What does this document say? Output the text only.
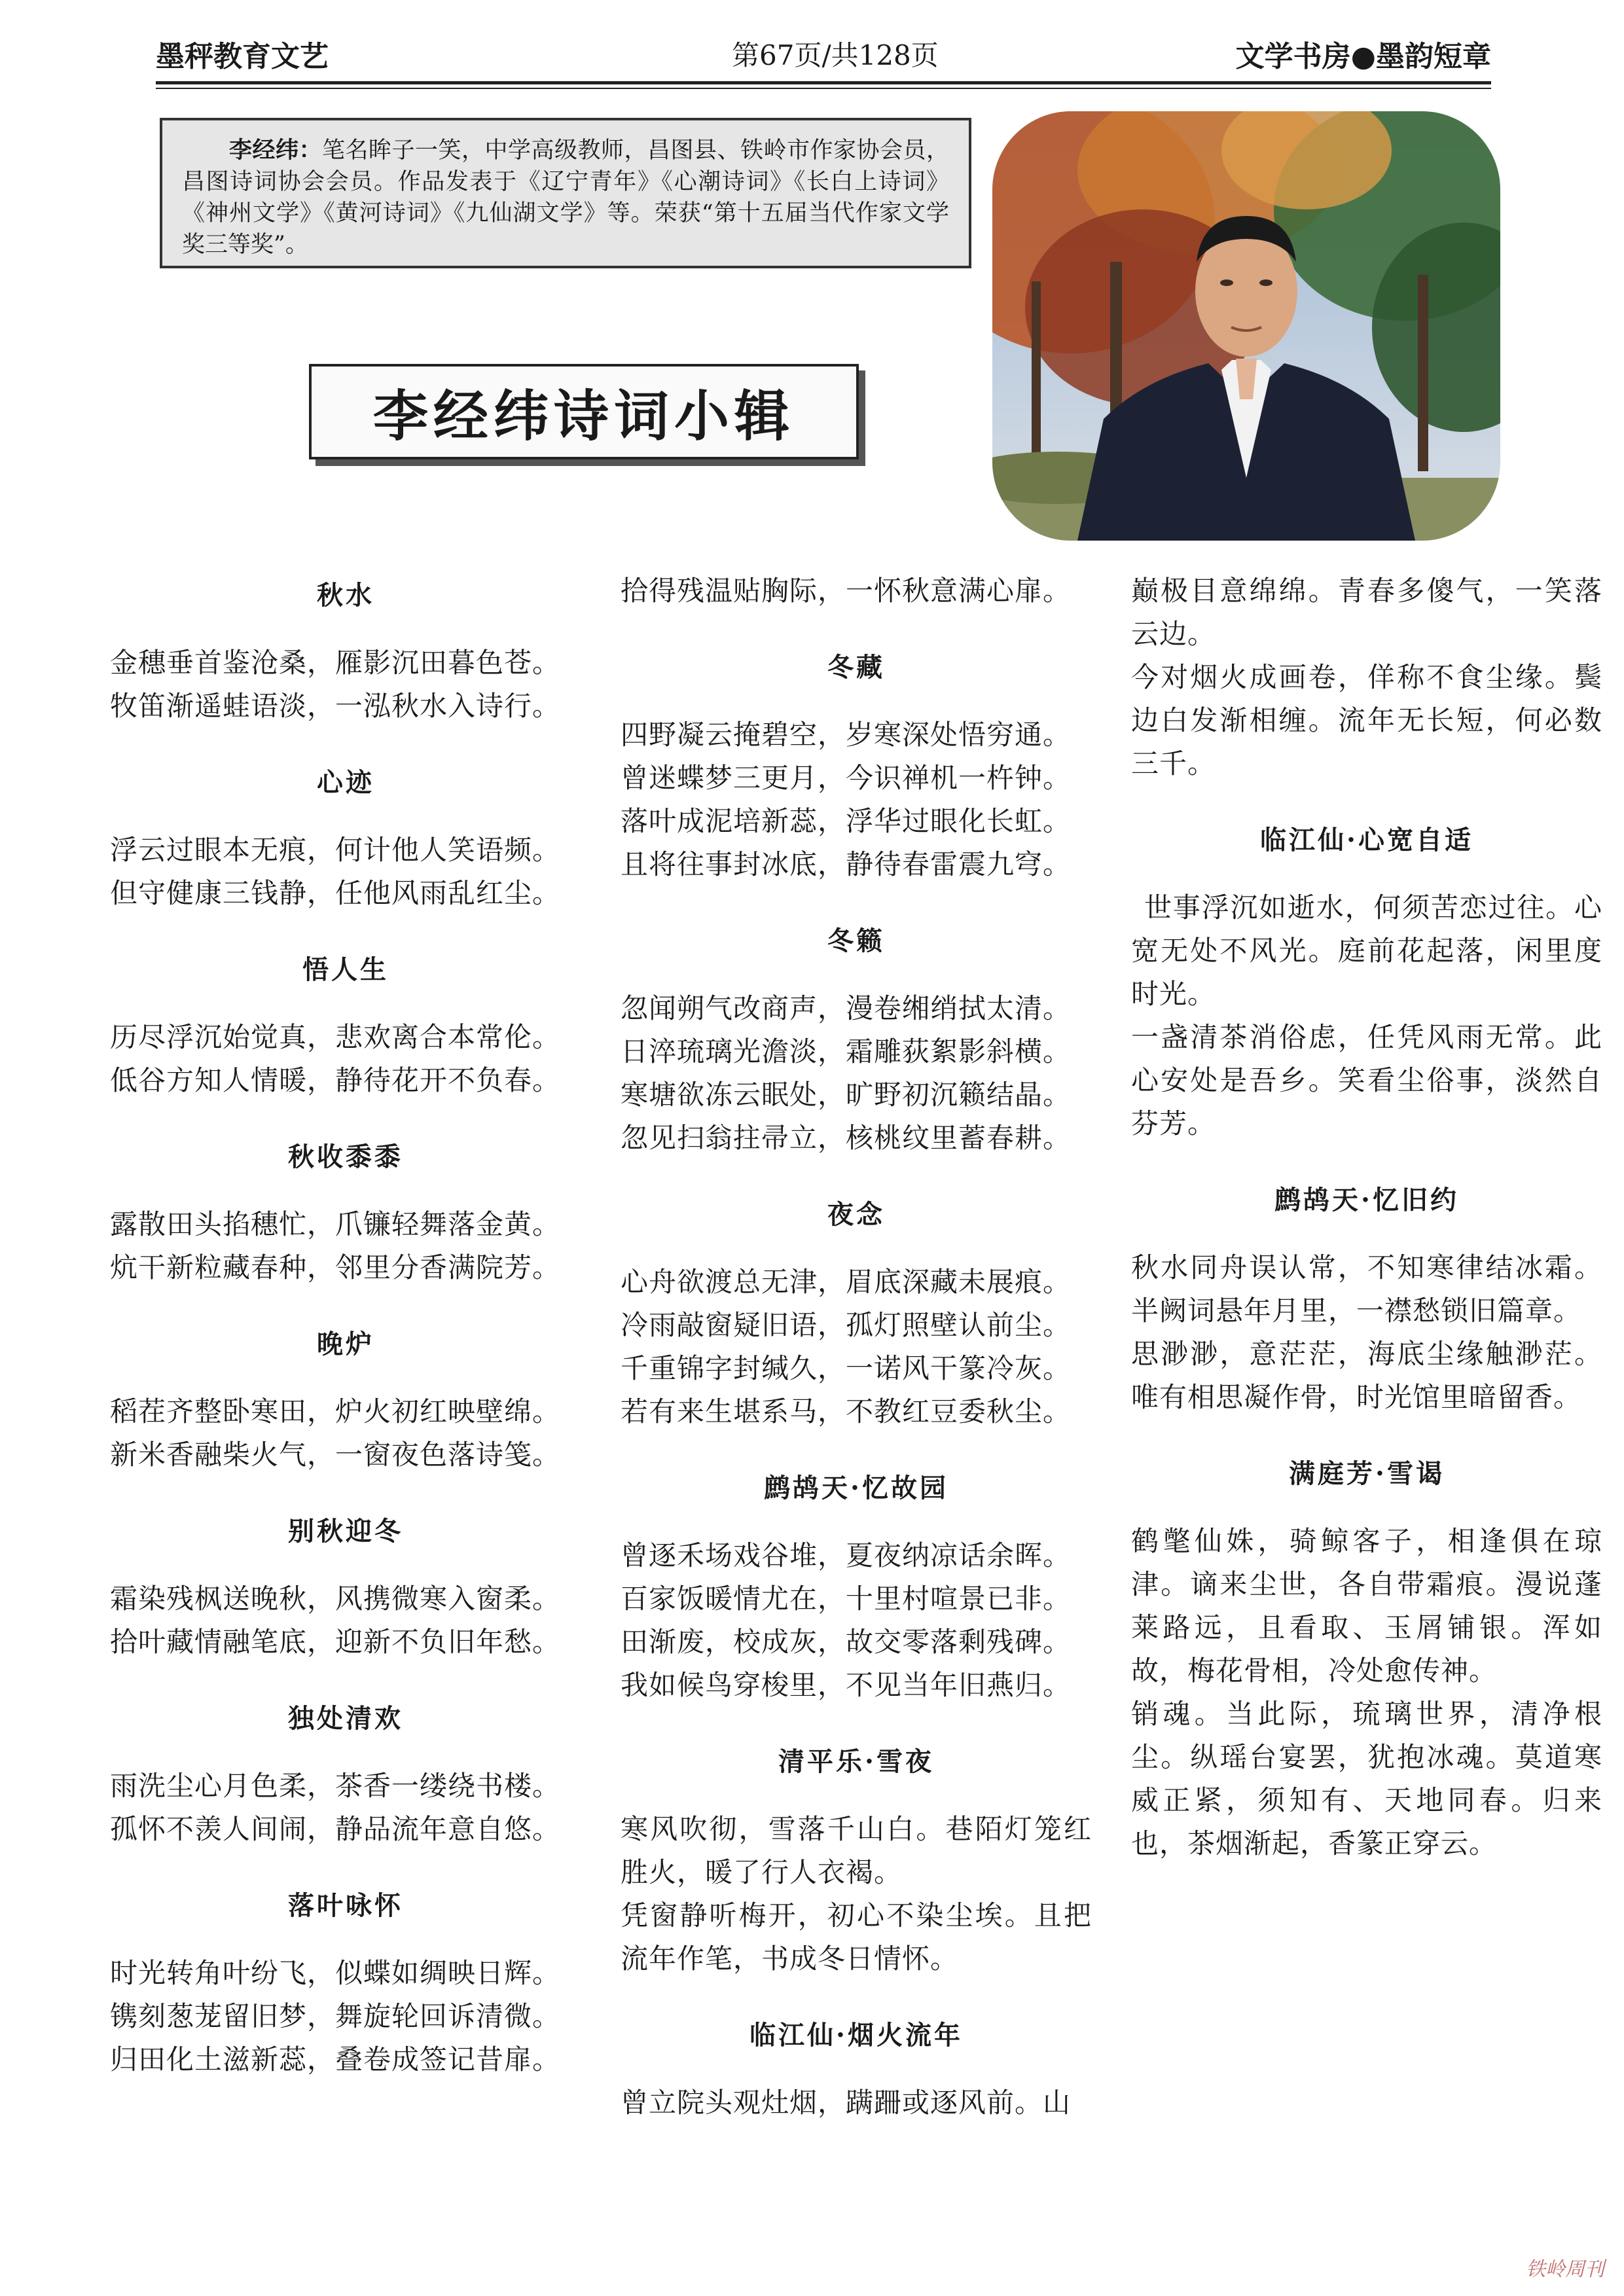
墨秤教育文艺	第67页/共128页	文学书房●墨韵短章
李经纬：笔名眸子一笑，中学高级教师，昌图县、铁岭市作家协会员，昌图诗词协会会员。作品发表于《辽宁青年》《心潮诗词》《长白上诗词》《神州文学》《黄河诗词》《九仙湖文学》等。荣获“第十五届当代作家文学奖三等奖”。
李经纬诗词小辑
秋水
金穗垂首鉴沧桑，雁影沉田暮色苍。
牧笛渐遥蛙语淡，一泓秋水入诗行。
心迹
浮云过眼本无痕，何计他人笑语频。
但守健康三钱静，任他风雨乱红尘。
悟人生
历尽浮沉始觉真，悲欢离合本常伦。
低谷方知人情暖，静待花开不负春。
秋收黍黍
露散田头掐穗忙，爪镰轻舞落金黄。
炕干新粒藏春种，邻里分香满院芳。
晚炉
稻茬齐整卧寒田，炉火初红映壁绵。
新米香融柴火气，一窗夜色落诗笺。
别秋迎冬
霜染残枫送晚秋，风携微寒入窗柔。
拾叶藏情融笔底，迎新不负旧年愁。
独处清欢
雨洗尘心月色柔，茶香一缕绕书楼。
孤怀不羡人间闹，静品流年意自悠。
落叶咏怀
时光转角叶纷飞，似蝶如绸映日辉。
镌刻葱茏留旧梦，舞旋轮回诉清微。
归田化土滋新蕊，叠卷成签记昔扉。
拾得残温贴胸际，一怀秋意满心扉。
冬藏
四野凝云掩碧空，岁寒深处悟穷通。
曾迷蝶梦三更月，今识禅机一杵钟。
落叶成泥培新蕊，浮华过眼化长虹。
且将往事封冰底，静待春雷震九穹。
冬籁
忽闻朔气改商声，漫卷缃绡拭太清。
日淬琉璃光澹淡，霜雕荻絮影斜横。
寒塘欲冻云眠处，旷野初沉籁结晶。
忽见扫翁拄帚立，核桃纹里蓄春耕。
夜念
心舟欲渡总无津，眉底深藏未展痕。
冷雨敲窗疑旧语，孤灯照壁认前尘。
千重锦字封缄久，一诺风干篆冷灰。
若有来生堪系马，不教红豆委秋尘。
鹧鸪天·忆故园
曾逐禾场戏谷堆，夏夜纳凉话余晖。
百家饭暖情尤在，十里村喧景已非。
田渐废，校成灰，故交零落剩残碑。
我如候鸟穿梭里，不见当年旧燕归。
清平乐·雪夜
寒风吹彻，雪落千山白。巷陌灯笼红胜火，暖了行人衣褐。
凭窗静听梅开，初心不染尘埃。且把流年作笔，书成冬日情怀。
临江仙·烟火流年
曾立院头观灶烟，蹒跚或逐风前。山
巅极目意绵绵。青春多傻气，一笑落云边。
今对烟火成画卷，佯称不食尘缘。鬓边白发渐相缠。流年无长短，何必数三千。
临江仙·心宽自适
世事浮沉如逝水，何须苦恋过往。心宽无处不风光。庭前花起落，闲里度时光。
一盏清茶消俗虑，任凭风雨无常。此心安处是吾乡。笑看尘俗事，淡然自芬芳。
鹧鸪天·忆旧约
秋水同舟误认常，不知寒律结冰霜。半阙词悬年月里，一襟愁锁旧篇章。
思渺渺，意茫茫，海底尘缘触渺茫。唯有相思凝作骨，时光馆里暗留香。
满庭芳·雪谒
鹤氅仙姝，骑鲸客子，相逢俱在琼津。谪来尘世，各自带霜痕。漫说蓬莱路远，且看取、玉屑铺银。浑如故，梅花骨相，冷处愈传神。
销魂。当此际，琉璃世界，清净根尘。纵瑶台宴罢，犹抱冰魂。莫道寒威正紧，须知有、天地同春。归来也，茶烟渐起，香篆正穿云。
铁岭周刊
